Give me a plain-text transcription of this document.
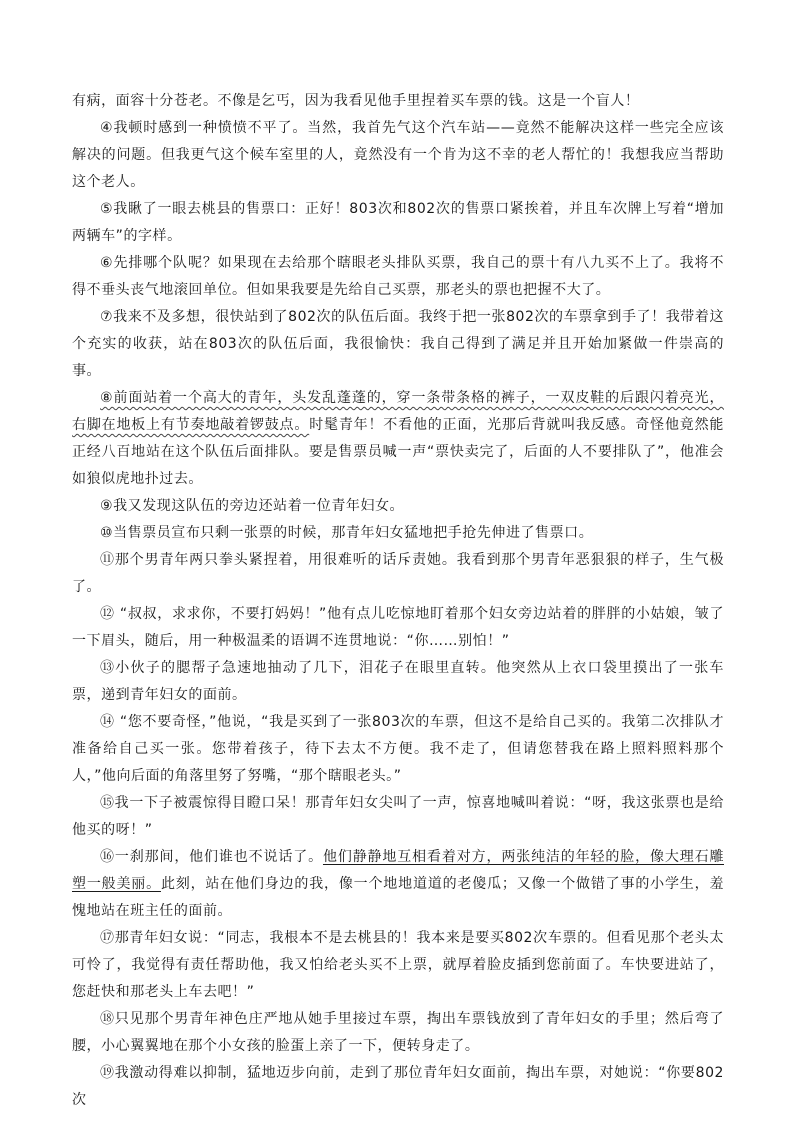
有病，面容十分苍老。不像是乞丐，因为我看见他手里捏着买车票的钱。这是一个盲人！

④我顿时感到一种愤愤不平了。当然，我首先气这个汽车站——竟然不能解决这样一些完全应该解决的问题。但我更气这个候车室里的人，竟然没有一个肯为这不幸的老人帮忙的！我想我应当帮助这个老人。

⑤我瞅了一眼去桃县的售票口：正好！803次和802次的售票口紧挨着，并且车次牌上写着“增加两辆车”的字样。

⑥先排哪个队呢？如果现在去给那个瞎眼老头排队买票，我自己的票十有八九买不上了。我将不得不垂头丧气地滚回单位。但如果我要是先给自己买票，那老头的票也把握不大了。

⑦我来不及多想，很快站到了802次的队伍后面。我终于把一张802次的车票拿到手了！我带着这个充实的收获，站在803次的队伍后面，我很愉快：我自己得到了满足并且开始加紧做一件崇高的事。

⑧前面站着一个高大的青年，头发乱蓬蓬的，穿一条带条格的裤子，一双皮鞋的后跟闪着亮光，右脚在地板上有节奏地敲着锣鼓点。时髦青年！不看他的正面，光那后背就叫我反感。奇怪他竟然能正经八百地站在这个队伍后面排队。要是售票员喊一声“票快卖完了，后面的人不要排队了”，他准会如狼似虎地扑过去。

⑨我又发现这队伍的旁边还站着一位青年妇女。

⑩当售票员宣布只剩一张票的时候，那青年妇女猛地把手抢先伸进了售票口。

⑪那个男青年两只拳头紧捏着，用很难听的话斥责她。我看到那个男青年恶狠狠的样子，生气极了。

⑫ “叔叔，求求你，不要打妈妈！”他有点儿吃惊地盯着那个妇女旁边站着的胖胖的小姑娘，皱了一下眉头，随后，用一种极温柔的语调不连贯地说：“你……别怕！”

⑬小伙子的腮帮子急速地抽动了几下，泪花子在眼里直转。他突然从上衣口袋里摸出了一张车票，递到青年妇女的面前。

⑭ “您不要奇怪，”他说，“我是买到了一张803次的车票，但这不是给自己买的。我第二次排队才准备给自己买一张。您带着孩子，待下去太不方便。我不走了，但请您替我在路上照料照料那个人，”他向后面的角落里努了努嘴，“那个瞎眼老头。”

⑮我一下子被震惊得目瞪口呆！那青年妇女尖叫了一声，惊喜地喊叫着说：“呀，我这张票也是给他买的呀！”

⑯一刹那间，他们谁也不说话了。他们静静地互相看着对方，两张纯洁的年轻的脸，像大理石雕塑一般美丽。此刻，站在他们身边的我，像一个地地道道的老傻瓜；又像一个做错了事的小学生，羞愧地站在班主任的面前。

⑰那青年妇女说：“同志，我根本不是去桃县的！我本来是要买802次车票的。但看见那个老头太可怜了，我觉得有责任帮助他，我又怕给老头买不上票，就厚着脸皮插到您前面了。车快要进站了，您赶快和那老头上车去吧！”

⑱只见那个男青年神色庄严地从她手里接过车票，掏出车票钱放到了青年妇女的手里；然后弯了腰，小心翼翼地在那个小女孩的脸蛋上亲了一下，便转身走了。

⑲我激动得难以抑制，猛地迈步向前，走到了那位青年妇女面前，掏出车票，对她说：“你要802次
